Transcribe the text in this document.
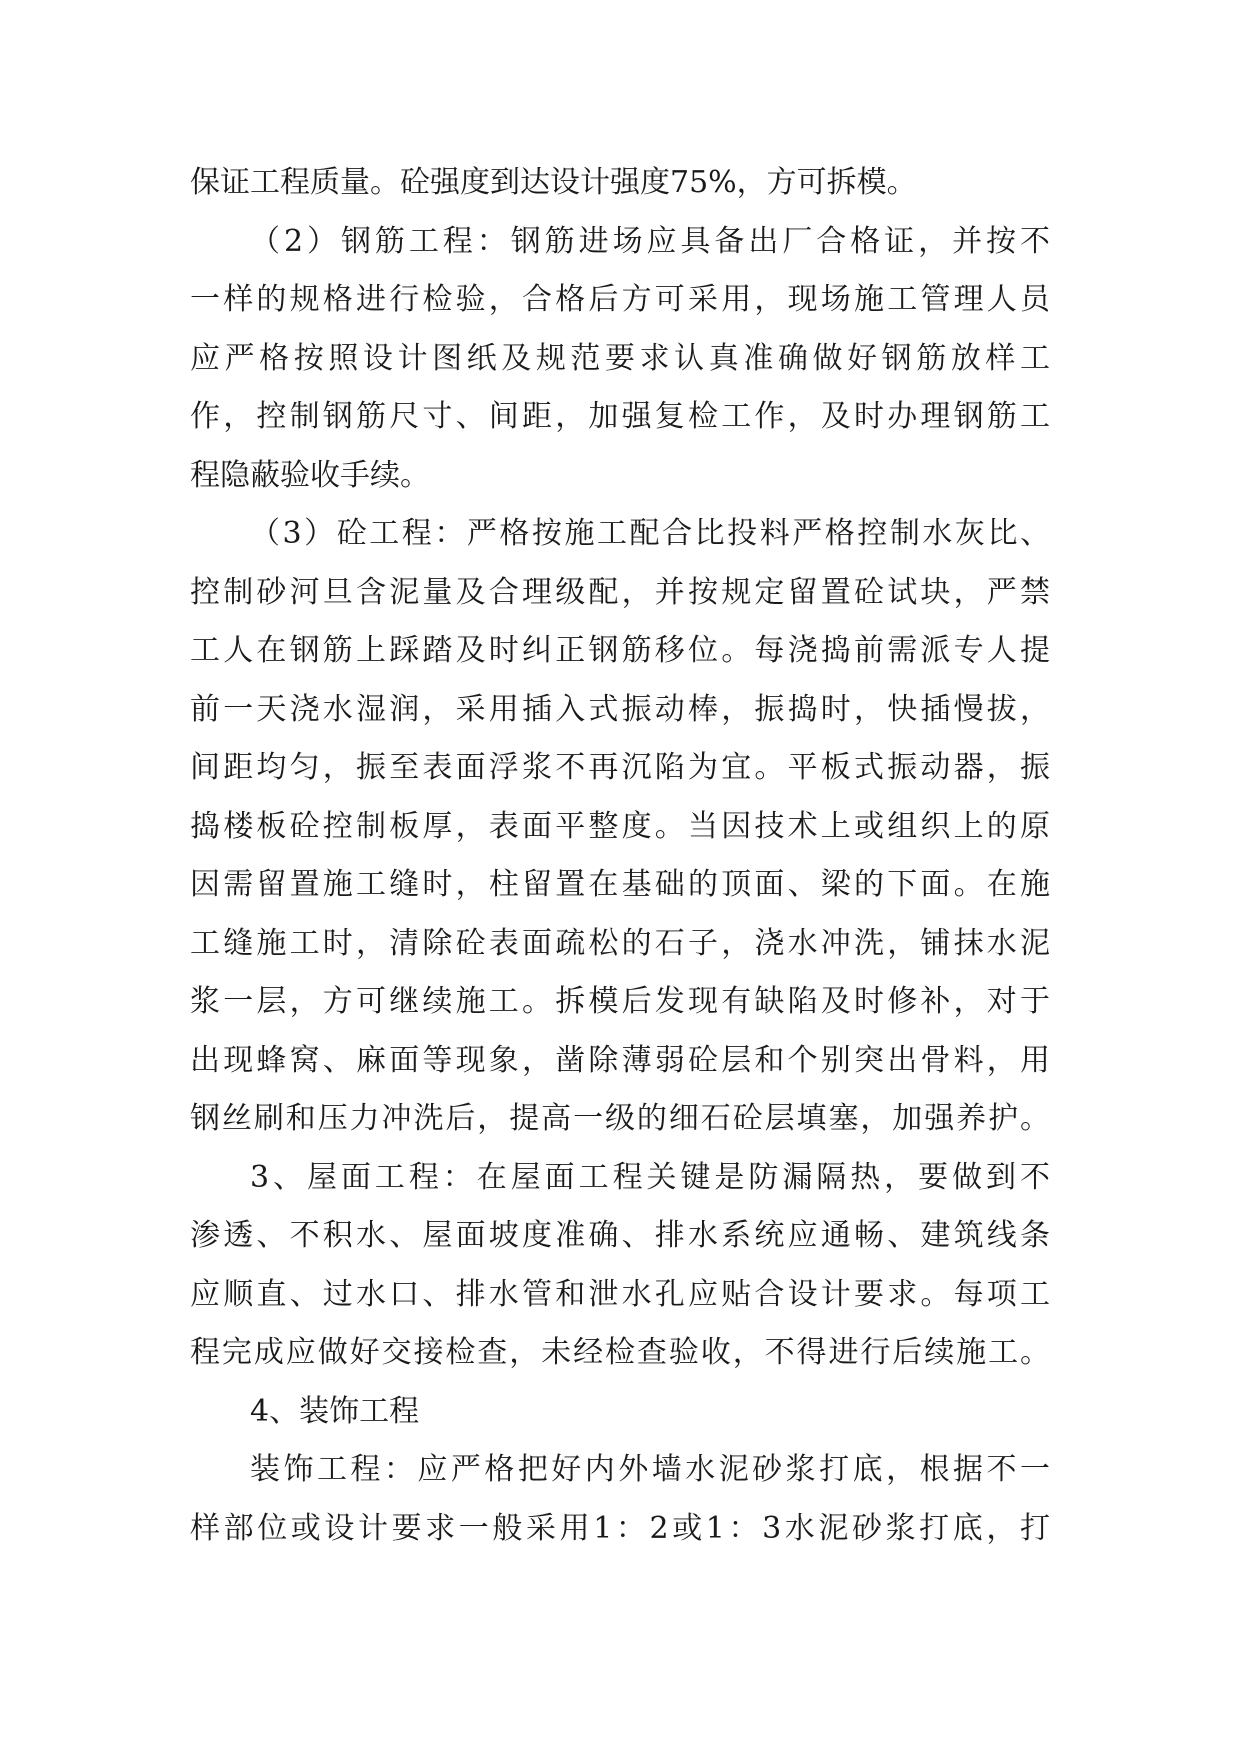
保证工程质量。砼强度到达设计强度75%，方可拆模。
（2）钢筋工程：钢筋进场应具备出厂合格证，并按不
一样的规格进行检验，合格后方可采用，现场施工管理人员
应严格按照设计图纸及规范要求认真准确做好钢筋放样工
作，控制钢筋尺寸、间距，加强复检工作，及时办理钢筋工
程隐蔽验收手续。
（3）砼工程：严格按施工配合比投料严格控制水灰比、
控制砂河旦含泥量及合理级配，并按规定留置砼试块，严禁
工人在钢筋上踩踏及时纠正钢筋移位。每浇捣前需派专人提
前一天浇水湿润，采用插入式振动棒，振捣时，快插慢拔，
间距均匀，振至表面浮浆不再沉陷为宜。平板式振动器，振
捣楼板砼控制板厚，表面平整度。当因技术上或组织上的原
因需留置施工缝时，柱留置在基础的顶面、梁的下面。在施
工缝施工时，清除砼表面疏松的石子，浇水冲洗，铺抹水泥
浆一层，方可继续施工。拆模后发现有缺陷及时修补，对于
出现蜂窝、麻面等现象，凿除薄弱砼层和个别突出骨料，用
钢丝刷和压力冲洗后，提高一级的细石砼层填塞，加强养护。
3、屋面工程：在屋面工程关键是防漏隔热，要做到不
渗透、不积水、屋面坡度准确、排水系统应通畅、建筑线条
应顺直、过水口、排水管和泄水孔应贴合设计要求。每项工
程完成应做好交接检查，未经检查验收，不得进行后续施工。
4、装饰工程
装饰工程：应严格把好内外墙水泥砂浆打底，根据不一
样部位或设计要求一般采用1：2或1：3水泥砂浆打底，打
